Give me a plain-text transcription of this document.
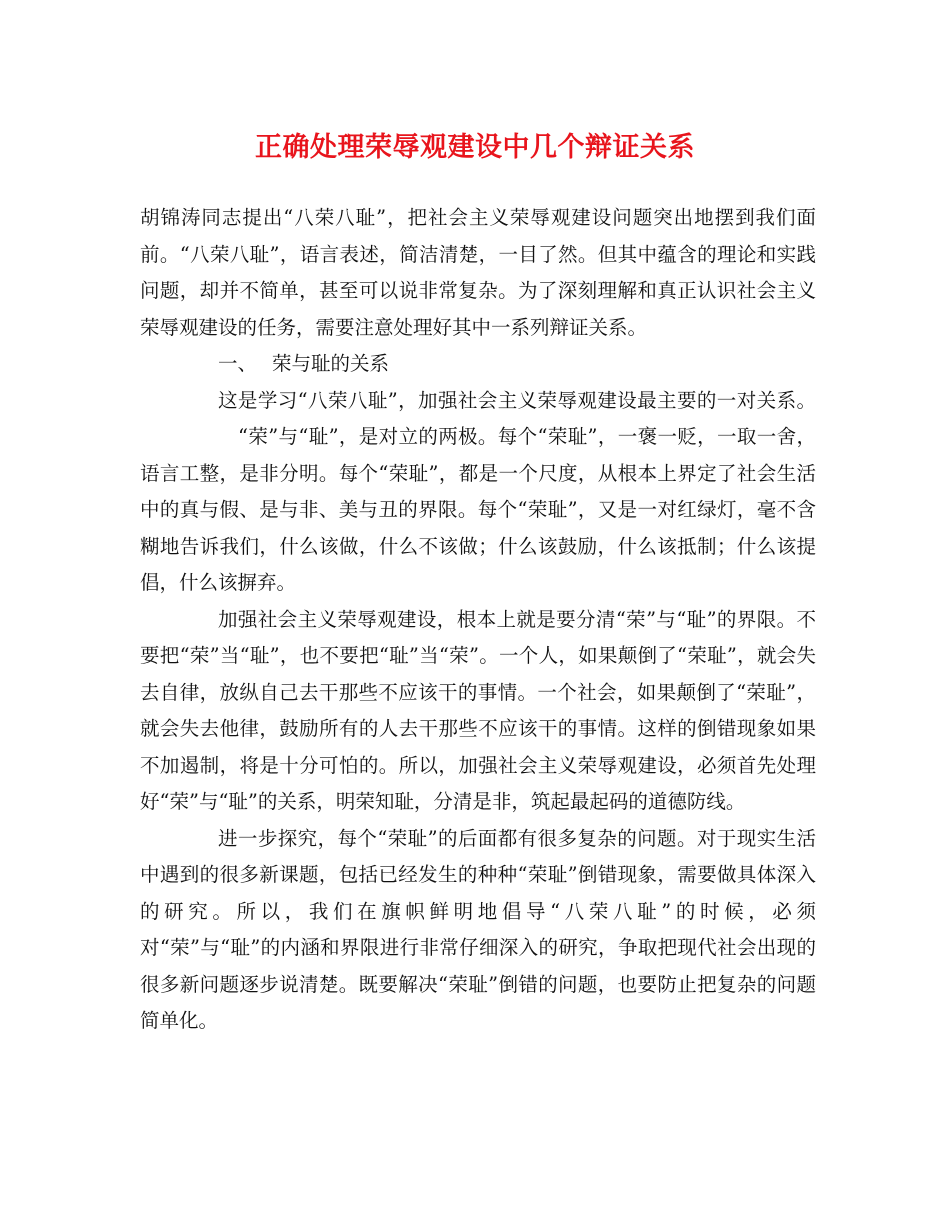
正确处理荣辱观建设中几个辩证关系

胡锦涛同志提出“八荣八耻”，把社会主义荣辱观建设问题突出地摆到我们面前。“八荣八耻”，语言表述，简洁清楚，一目了然。但其中蕴含的理论和实践问题，却并不简单，甚至可以说非常复杂。为了深刻理解和真正认识社会主义荣辱观建设的任务，需要注意处理好其中一系列辩证关系。

一、 荣与耻的关系

这是学习“八荣八耻”，加强社会主义荣辱观建设最主要的一对关系。“荣”与“耻”，是对立的两极。每个“荣耻”，一褒一贬，一取一舍，语言工整，是非分明。每个“荣耻”，都是一个尺度，从根本上界定了社会生活中的真与假、是与非、美与丑的界限。每个“荣耻”，又是一对红绿灯，毫不含糊地告诉我们，什么该做，什么不该做；什么该鼓励，什么该抵制；什么该提倡，什么该摒弃。

加强社会主义荣辱观建设，根本上就是要分清“荣”与“耻”的界限。不要把“荣”当“耻”，也不要把“耻”当“荣”。一个人，如果颠倒了“荣耻”，就会失去自律，放纵自己去干那些不应该干的事情。一个社会，如果颠倒了“荣耻”，就会失去他律，鼓励所有的人去干那些不应该干的事情。这样的倒错现象如果不加遏制，将是十分可怕的。所以，加强社会主义荣辱观建设，必须首先处理好“荣”与“耻”的关系，明荣知耻，分清是非，筑起最起码的道德防线。

进一步探究，每个“荣耻”的后面都有很多复杂的问题。对于现实生活中遇到的很多新课题，包括已经发生的种种“荣耻”倒错现象，需要做具体深入的研究。所以，我们在旗帜鲜明地倡导“八荣八耻”的时候，必须对“荣”与“耻”的内涵和界限进行非常仔细深入的研究，争取把现代社会出现的很多新问题逐步说清楚。既要解决“荣耻”倒错的问题，也要防止把复杂的问题简单化。
